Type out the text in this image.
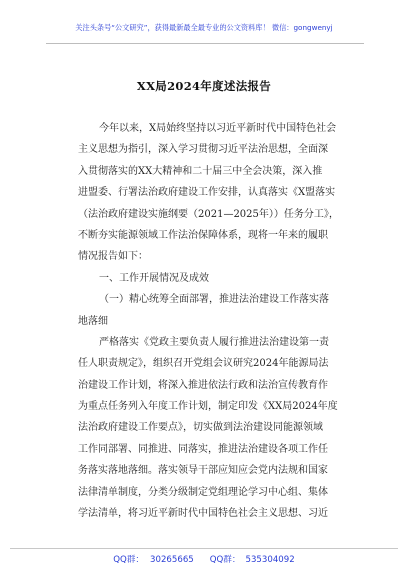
关注头条号“公文研究”，获得最新最全最专业的公文资料库！ 微信：gongwenyj
XX局2024年度述法报告
今年以来，X局始终坚持以习近平新时代中国特色社会
主义思想为指引，深入学习贯彻习近平法治思想，全面深
入贯彻落实的XX大精神和二十届三中全会决策，深入推
进盟委、行署法治政府建设工作安排，认真落实《X盟落实
（法治政府建设实施纲要（2021—2025年））任务分工》，
不断夯实能源领域工作法治保障体系，现将一年来的履职
情况报告如下：
一、工作开展情况及成效
（一）精心统筹全面部署，推进法治建设工作落实落
地落细
严格落实《党政主要负责人履行推进法治建设第一责
任人职责规定》，组织召开党组会议研究2024年能源局法
治建设工作计划，将深入推进依法行政和法治宣传教育作
为重点任务列入年度工作计划，制定印发《XX局2024年度
法治政府建设工作要点》，切实做到法治建设同能源领域
工作同部署、同推进、同落实，推进法治建设各项工作任
务落实落地落细。落实领导干部应知应会党内法规和国家
法律清单制度，分类分级制定党组理论学习中心组、集体
学法清单，将习近平新时代中国特色社会主义思想、习近
QQ群： 30265665 QQ群： 535304092
